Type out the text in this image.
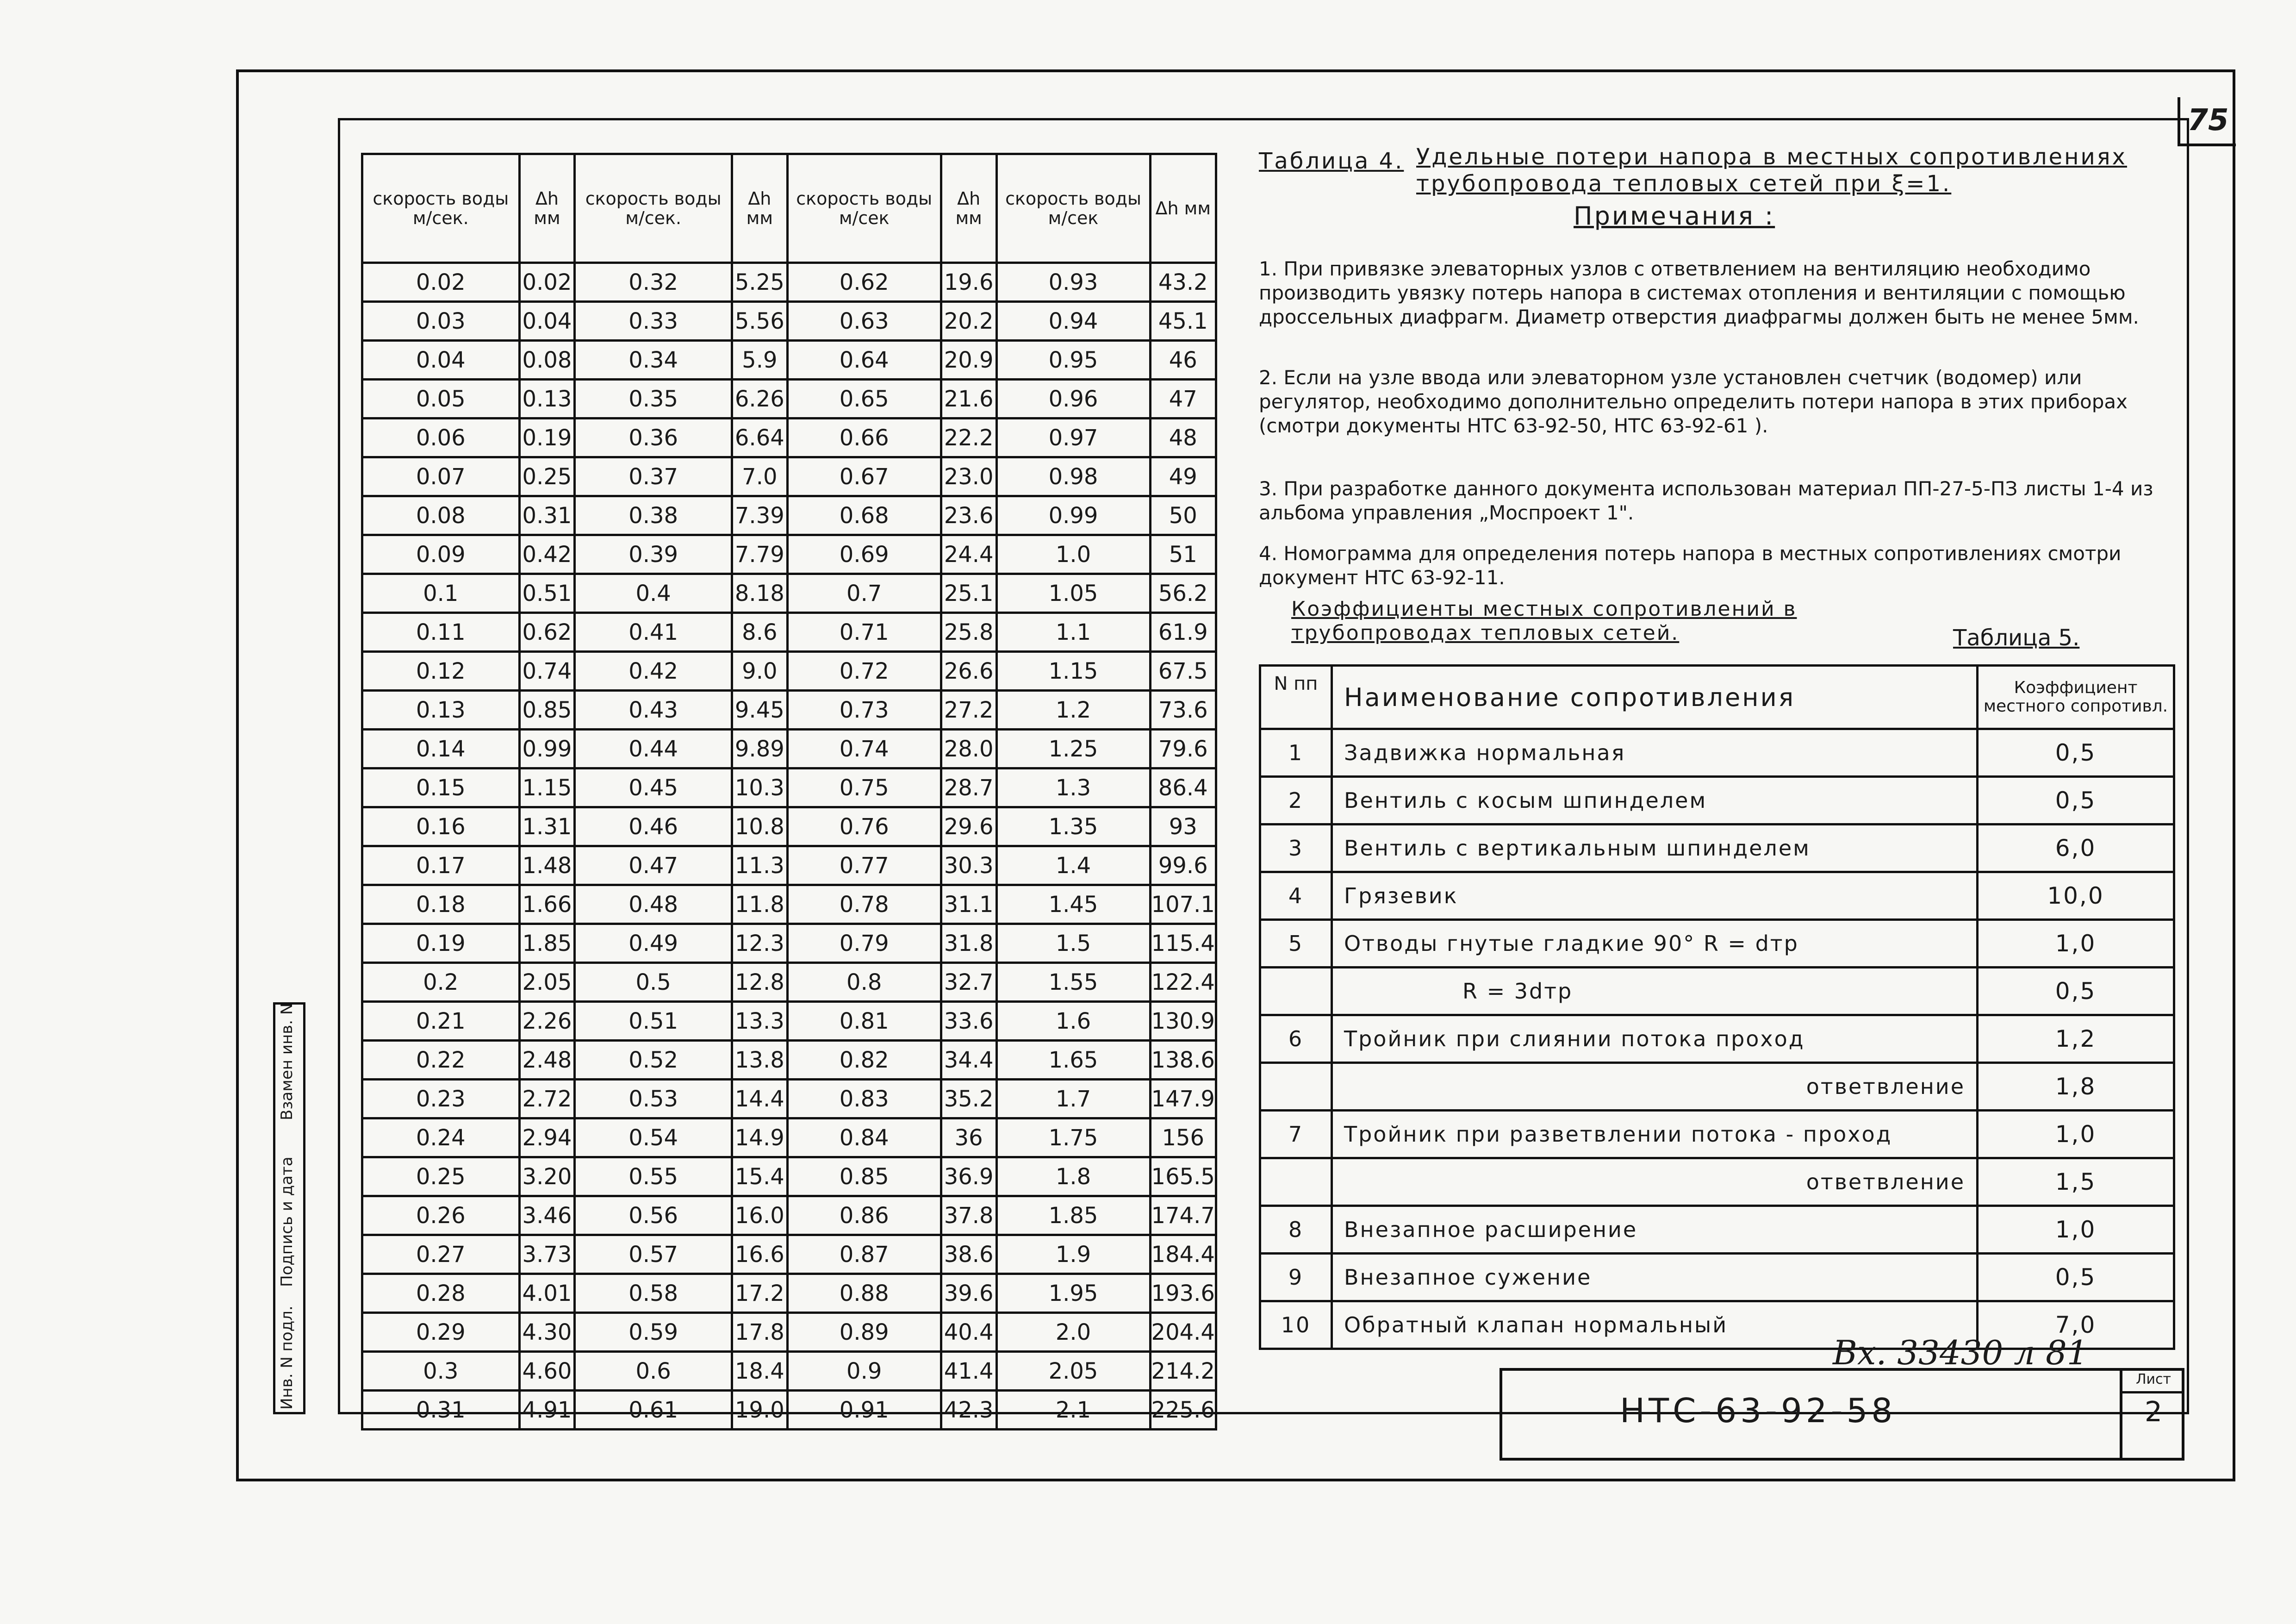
75
скорость воды м/сек.	Δh мм	скорость воды м/сек.	Δh мм	скорость воды м/сек	Δh мм	скорость воды м/сек	Δh мм
0.02	0.02	0.32	5.25	0.62	19.6	0.93	43.2
0.03	0.04	0.33	5.56	0.63	20.2	0.94	45.1
0.04	0.08	0.34	5.9	0.64	20.9	0.95	46
0.05	0.13	0.35	6.26	0.65	21.6	0.96	47
0.06	0.19	0.36	6.64	0.66	22.2	0.97	48
0.07	0.25	0.37	7.0	0.67	23.0	0.98	49
0.08	0.31	0.38	7.39	0.68	23.6	0.99	50
0.09	0.42	0.39	7.79	0.69	24.4	1.0	51
0.1	0.51	0.4	8.18	0.7	25.1	1.05	56.2
0.11	0.62	0.41	8.6	0.71	25.8	1.1	61.9
0.12	0.74	0.42	9.0	0.72	26.6	1.15	67.5
0.13	0.85	0.43	9.45	0.73	27.2	1.2	73.6
0.14	0.99	0.44	9.89	0.74	28.0	1.25	79.6
0.15	1.15	0.45	10.3	0.75	28.7	1.3	86.4
0.16	1.31	0.46	10.8	0.76	29.6	1.35	93
0.17	1.48	0.47	11.3	0.77	30.3	1.4	99.6
0.18	1.66	0.48	11.8	0.78	31.1	1.45	107.1
0.19	1.85	0.49	12.3	0.79	31.8	1.5	115.4
0.2	2.05	0.5	12.8	0.8	32.7	1.55	122.4
0.21	2.26	0.51	13.3	0.81	33.6	1.6	130.9
0.22	2.48	0.52	13.8	0.82	34.4	1.65	138.6
0.23	2.72	0.53	14.4	0.83	35.2	1.7	147.9
0.24	2.94	0.54	14.9	0.84	36	1.75	156
0.25	3.20	0.55	15.4	0.85	36.9	1.8	165.5
0.26	3.46	0.56	16.0	0.86	37.8	1.85	174.7
0.27	3.73	0.57	16.6	0.87	38.6	1.9	184.4
0.28	4.01	0.58	17.2	0.88	39.6	1.95	193.6
0.29	4.30	0.59	17.8	0.89	40.4	2.0	204.4
0.3	4.60	0.6	18.4	0.9	41.4	2.05	214.2
0.31	4.91	0.61	19.0	0.91	42.3	2.1	225.6
Таблица 4. Удельные потери напора в местных сопротивлениях трубопровода тепловых сетей при ξ=1.
Примечания :
1. При привязке элеваторных узлов с ответвлением на вентиляцию необходимо производить увязку потерь напора в системах отопления и вентиляции с помощью дроссельных диафрагм. Диаметр отверстия диафрагмы должен быть не менее 5мм.
2. Если на узле ввода или элеваторном узле установлен счетчик (водомер) или регулятор, необходимо дополнительно определить потери напора в этих приборах (смотри документы НТС 63-92-50, НТС 63-92-61 ).
3. При разработке данного документа использован материал ПП-27-5-ПЗ листы 1-4 из альбома управления „Моспроект 1".
4. Номограмма для определения потерь напора в местных сопротивлениях смотри документ НТС 63-92-11.
Коэффициенты местных сопротивлений в трубопроводах тепловых сетей.	Таблица 5.
N пп	Наименование сопротивления	Коэффициент местного сопротивл.
1	Задвижка нормальная	0,5
2	Вентиль с косым шпинделем	0,5
3	Вентиль с вертикальным шпинделем	6,0
4	Грязевик	10,0
5	Отводы гнутые гладкие 90° R = dтр	1,0
	R = 3dтр	0,5
6	Тройник при слиянии потока проход	1,2
	ответвление	1,8
7	Тройник при разветвлении потока - проход	1,0
	ответвление	1,5
8	Внезапное расширение	1,0
9	Внезапное сужение	0,5
10	Обратный клапан нормальный	7,0
Вх. 33430 л 81
НТС-63-92-58
Лист
2
Инв. N подл.
Подпись и дата
Взамен инв. N
